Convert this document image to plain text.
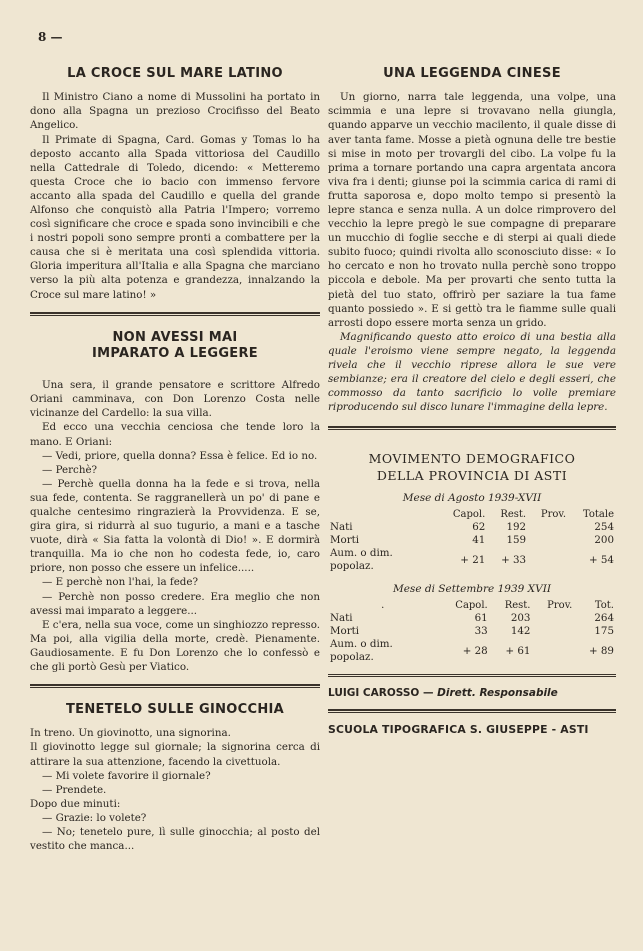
8 —
LA CROCE SUL MARE LATINO

Il Ministro Ciano a nome di Mussolini ha portato in dono alla Spagna un prezioso Crocifisso del Beato Angelico.

Il Primate di Spagna, Card. Gomas y Tomas lo ha deposto accanto alla Spada vittoriosa del Caudillo nella Cattedrale di Toledo, dicendo: « Metteremo questa Croce che io bacio con immenso fervore accanto alla spada del Caudillo e quella del grande Alfonso che conquistò alla Patria l'Impero; vorremo così significare che croce e spada sono invincibili e che i nostri popoli sono sempre pronti a combattere per la causa che si è meritata una così splendida vittoria. Gloria imperitura all'Italia e alla Spagna che marciano verso la più alta potenza e grandezza, innalzando la Croce sul mare latino! »

NON AVESSI MAI
IMPARATO A LEGGERE

Una sera, il grande pensatore e scrittore Alfredo Oriani camminava, con Don Lorenzo Costa nelle vicinanze del Cardello: la sua villa.

Ed ecco una vecchia cenciosa che tende loro la mano. E Oriani:

— Vedi, priore, quella donna? Essa è felice. Ed io no.

— Perchè?

— Perchè quella donna ha la fede e si trova, nella sua fede, contenta. Se raggranellerà un po' di pane e qualche centesimo ringrazierà la Provvidenza. E se, gira gira, si ridurrà al suo tugurio, a mani e a tasche vuote, dirà « Sia fatta la volontà di Dio! ». E dormirà tranquilla. Ma io che non ho codesta fede, io, caro priore, non posso che essere un infelice.....

— E perchè non l'hai, la fede?

— Perchè non posso credere. Era meglio che non avessi mai imparato a leggere...

E c'era, nella sua voce, come un singhiozzo represso. Ma poi, alla vigilia della morte, credè. Pienamente. Gaudiosamente. E fu Don Lorenzo che lo confessò e che gli portò Gesù per Viatico.

TENETELO SULLE GINOCCHIA

In treno. Un giovinotto, una signorina.

Il giovinotto legge sul giornale; la signorina cerca di attirare la sua attenzione, facendo la civettuola.

— Mi volete favorire il giornale?

— Prendete.

Dopo due minuti:

— Grazie: lo volete?

— No; tenetelo pure, lì sulle ginocchia; al posto del vestito che manca...

UNA LEGGENDA CINESE

Un giorno, narra tale leggenda, una volpe, una scimmia e una lepre si trovavano nella giungla, quando apparve un vecchio macilento, il quale disse di aver tanta fame. Mosse a pietà ognuna delle tre bestie si mise in moto per trovargli del cibo. La volpe fu la prima a tornare portando una capra argentata ancora viva fra i denti; giunse poi la scimmia carica di rami di frutta saporosa e, dopo molto tempo si presentò la lepre stanca e senza nulla. A un dolce rimprovero del vecchio la lepre pregò le sue compagne di preparare un mucchio di foglie secche e di sterpi ai quali diede subito fuoco; quindi rivolta allo sconosciuto disse: « Io ho cercato e non ho trovato nulla perchè sono troppo piccola e debole. Ma per provarti che sento tutta la pietà del tuo stato, offrirò per saziare la tua fame quanto possiedo ». E si gettò tra le fiamme sulle quali arrosti dopo essere morta senza un grido.

Magnificando questo atto eroico di una bestia alla quale l'eroismo viene sempre negato, la leggenda rivela che il vecchio riprese allora le sue vere sembianze; era il creatore del cielo e degli esseri, che commosso da tanto sacrificio lo volle premiare riproducendo sul disco lunare l'immagine della lepre.

MOVIMENTO DEMOGRAFICO
DELLA PROVINCIA DI ASTI
Mese di Agosto 1939-XVII
	Capol.	Rest.	Prov.	Totale
Nati	62	192		254
Morti	41	159		200
Aum. o dim. popolaz.	+ 21	+ 33		+ 54
Mese di Settembre 1939 XVII
.	Capol.	Rest.	Prov.	Tot.
Nati	61	203		264
Morti	33	142		175
Aum. o dim. popolaz.	+ 28	+ 61		+ 89
LUIGI CAROSSO — Dirett. Responsabile
SCUOLA TIPOGRAFICA S. GIUSEPPE - ASTI
